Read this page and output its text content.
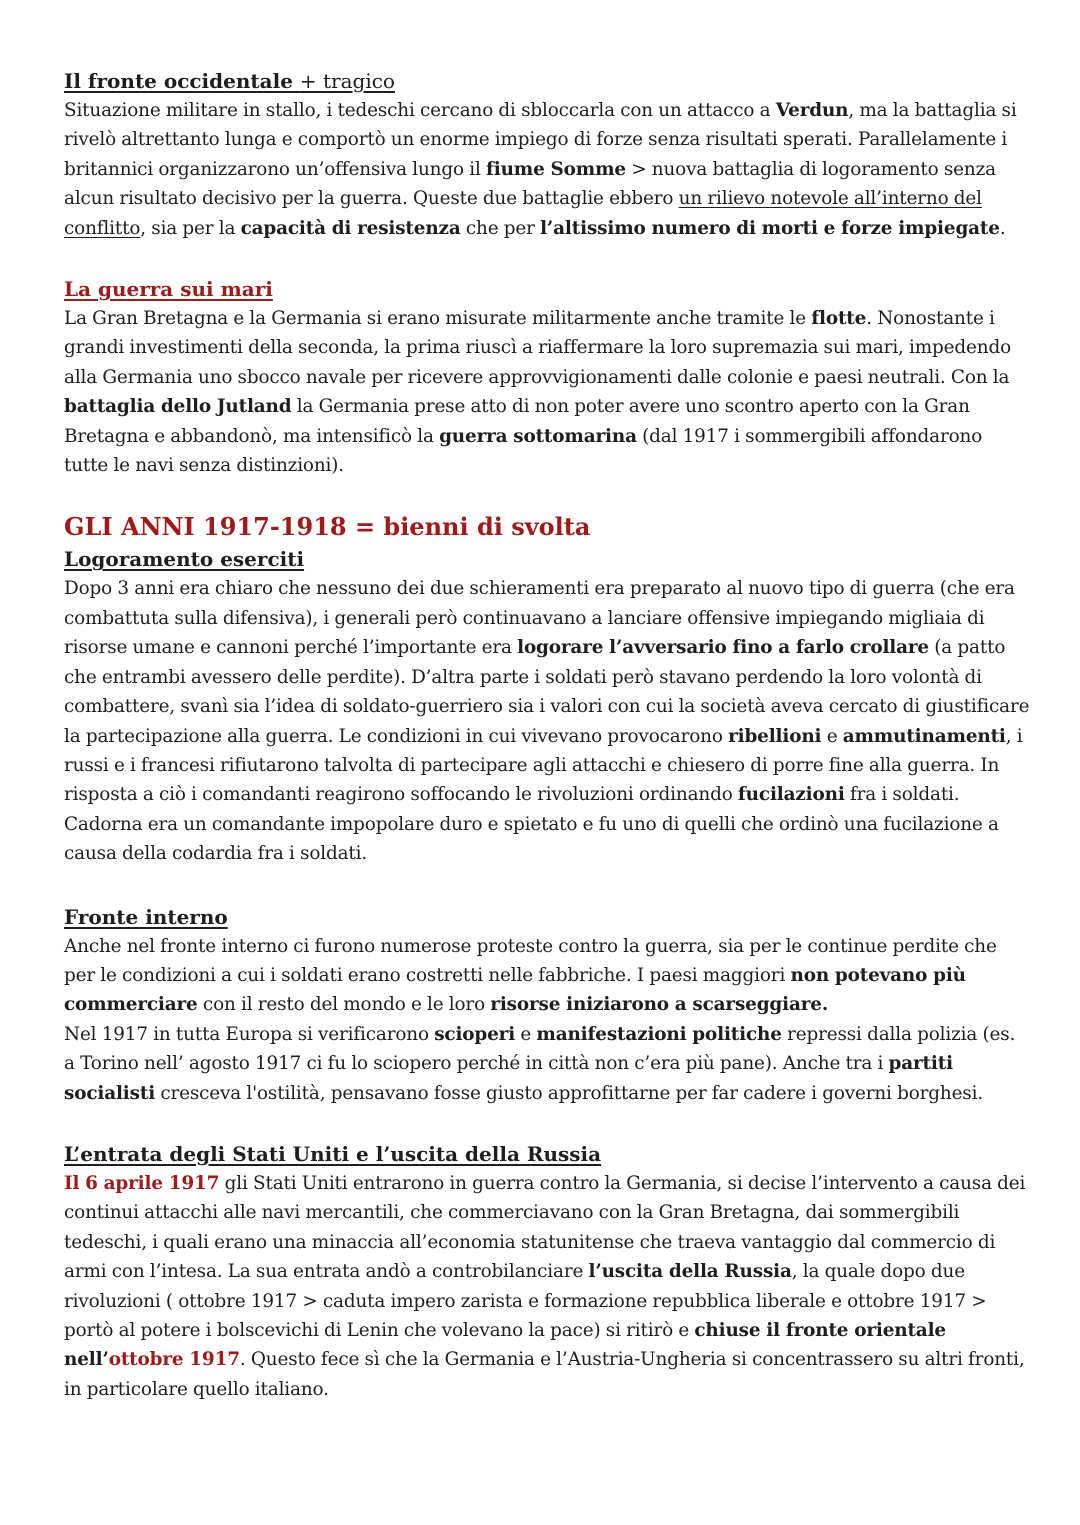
Il fronte occidentale + tragico

Situazione militare in stallo, i tedeschi cercano di sbloccarla con un attacco a Verdun, ma la battaglia si rivelò altrettanto lunga e comportò un enorme impiego di forze senza risultati sperati. Parallelamente i britannici organizzarono un’offensiva lungo il fiume Somme > nuova battaglia di logoramento senza alcun risultato decisivo per la guerra. Queste due battaglie ebbero un rilievo notevole all’interno del conflitto, sia per la capacità di resistenza che per l’altissimo numero di morti e forze impiegate.

La guerra sui mari

La Gran Bretagna e la Germania si erano misurate militarmente anche tramite le flotte. Nonostante i grandi investimenti della seconda, la prima riuscì a riaffermare la loro supremazia sui mari, impedendo alla Germania uno sbocco navale per ricevere approvvigionamenti dalle colonie e paesi neutrali. Con la battaglia dello Jutland la Germania prese atto di non poter avere uno scontro aperto con la Gran Bretagna e abbandonò, ma intensificò la guerra sottomarina (dal 1917 i sommergibili affondarono tutte le navi senza distinzioni).

GLI ANNI 1917-1918 = bienni di svolta
Logoramento eserciti

Dopo 3 anni era chiaro che nessuno dei due schieramenti era preparato al nuovo tipo di guerra (che era combattuta sulla difensiva), i generali però continuavano a lanciare offensive impiegando migliaia di risorse umane e cannoni perché l’importante era logorare l’avversario fino a farlo crollare (a patto che entrambi avessero delle perdite). D’altra parte i soldati però stavano perdendo la loro volontà di combattere, svanì sia l’idea di soldato-guerriero sia i valori con cui la società aveva cercato di giustificare la partecipazione alla guerra. Le condizioni in cui vivevano provocarono ribellioni e ammutinamenti, i russi e i francesi rifiutarono talvolta di partecipare agli attacchi e chiesero di porre fine alla guerra. In risposta a ciò i comandanti reagirono soffocando le rivoluzioni ordinando fucilazioni fra i soldati. Cadorna era un comandante impopolare duro e spietato e fu uno di quelli che ordinò una fucilazione a causa della codardia fra i soldati.

Fronte interno

Anche nel fronte interno ci furono numerose proteste contro la guerra, sia per le continue perdite che per le condizioni a cui i soldati erano costretti nelle fabbriche. I paesi maggiori non potevano più commerciare con il resto del mondo e le loro risorse iniziarono a scarseggiare.

Nel 1917 in tutta Europa si verificarono scioperi e manifestazioni politiche repressi dalla polizia (es. a Torino nell’ agosto 1917 ci fu lo sciopero perché in città non c’era più pane). Anche tra i partiti socialisti cresceva l'ostilità, pensavano fosse giusto approfittarne per far cadere i governi borghesi.

L’entrata degli Stati Uniti e l’uscita della Russia

Il 6 aprile 1917 gli Stati Uniti entrarono in guerra contro la Germania, si decise l’intervento a causa dei continui attacchi alle navi mercantili, che commerciavano con la Gran Bretagna, dai sommergibili tedeschi, i quali erano una minaccia all’economia statunitense che traeva vantaggio dal commercio di armi con l’intesa. La sua entrata andò a controbilanciare l’uscita della Russia, la quale dopo due rivoluzioni ( ottobre 1917 > caduta impero zarista e formazione repubblica liberale e ottobre 1917 > portò al potere i bolscevichi di Lenin che volevano la pace) si ritirò e chiuse il fronte orientale nell’ottobre 1917. Questo fece sì che la Germania e l’Austria-Ungheria si concentrassero su altri fronti, in particolare quello italiano.
